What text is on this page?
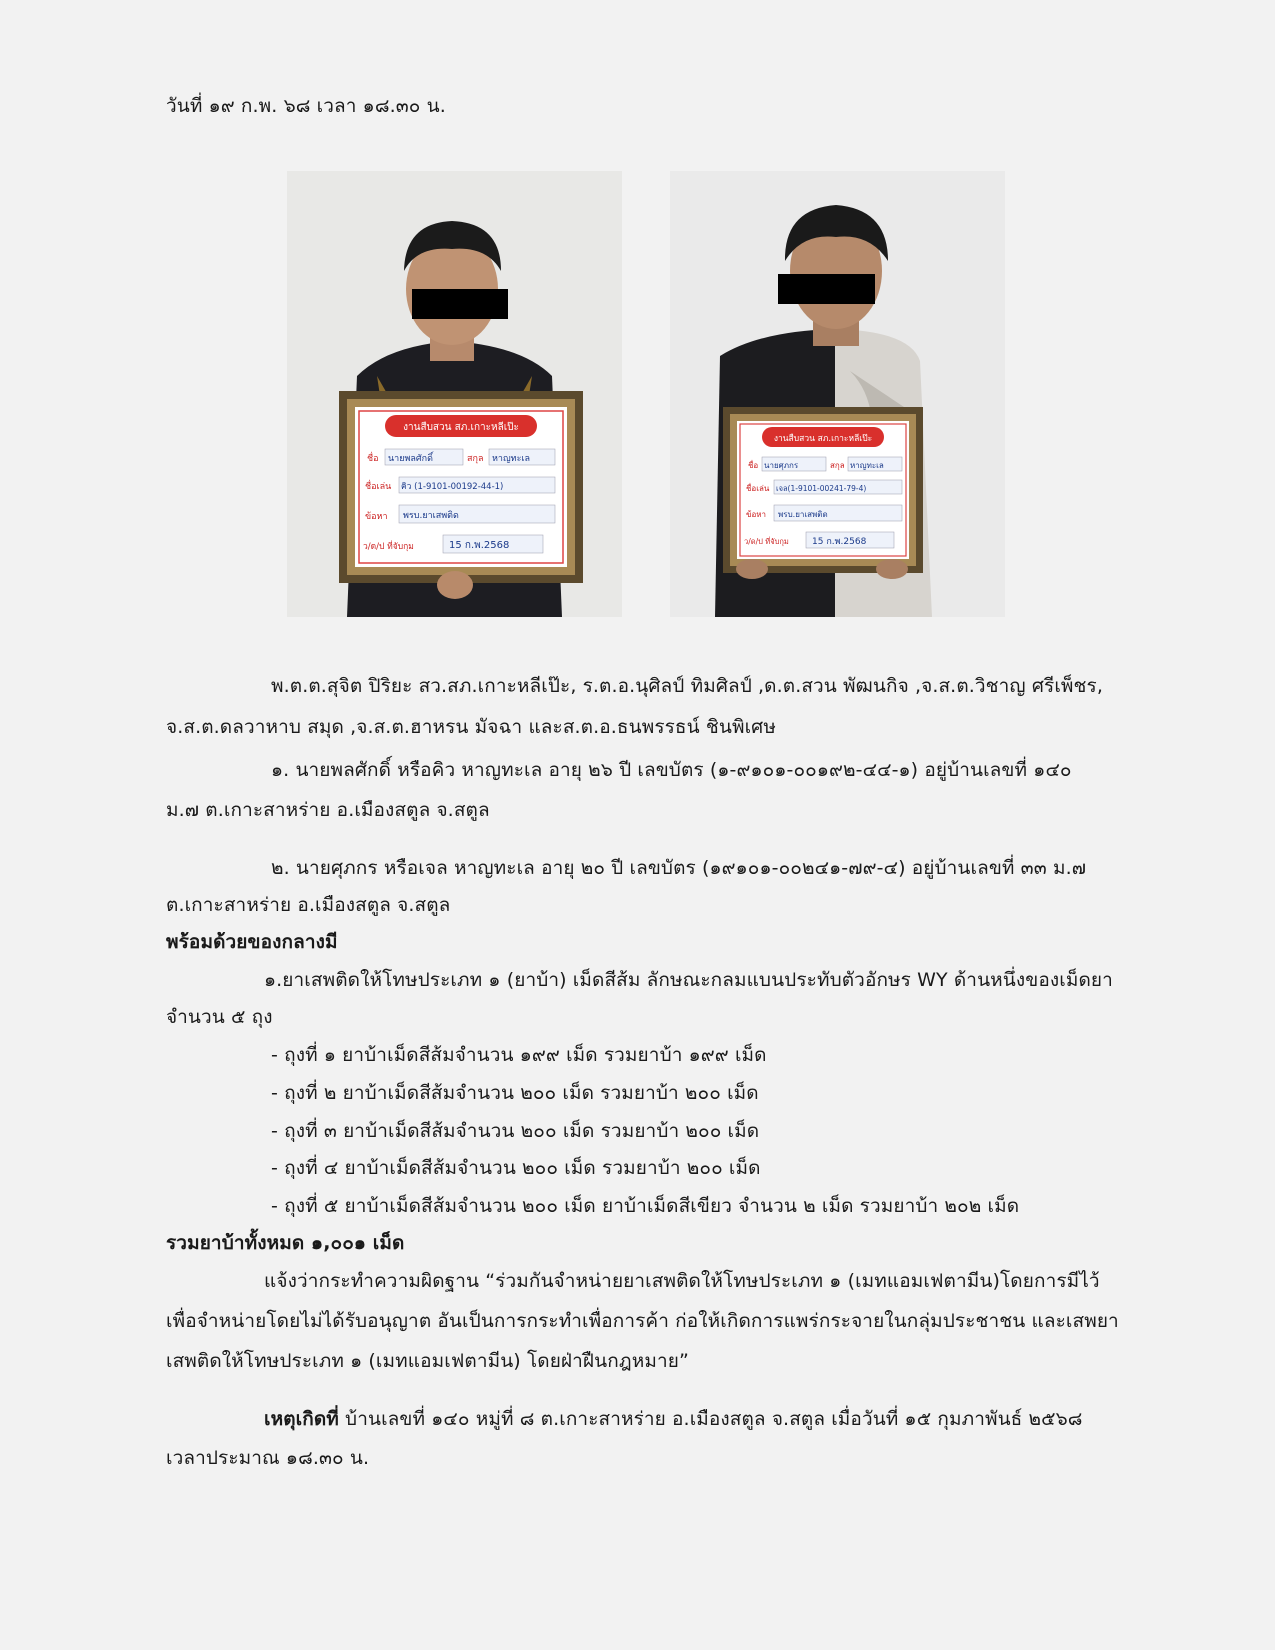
วันที่ ๑๙ ก.พ. ๖๘ เวลา ๑๘.๓๐ น.
งานสืบสวน สภ.เกาะหลีเป๊ะ
ชื่อ นายพลศักดิ์	สกุล หาญทะเล
ชื่อเล่น คิว (1-9101-00192-44-1)
ข้อหา พรบ.ยาเสพติด
ว/ด/ป ที่จับกุม	15 ก.พ.2568
งานสืบสวน สภ.เกาะหลีเป๊ะ
ชื่อ นายศุภกร	สกุล หาญทะเล
ชื่อเล่น เจล(1-9101-00241-79-4)
ข้อหา พรบ.ยาเสพติด
ว/ด/ป ที่จับกุม	15 ก.พ.2568
พ.ต.ต.สุจิต ปิริยะ สว.สภ.เกาะหลีเป๊ะ, ร.ต.อ.นุศิลป์ ทิมศิลป์ ,ด.ต.สวน พัฒนกิจ ,จ.ส.ต.วิชาญ ศรีเพ็ชร,
จ.ส.ต.ดลวาหาบ สมุด ,จ.ส.ต.ฮาหรน มัจฉา และส.ต.อ.ธนพรรธน์ ชินพิเศษ
๑. นายพลศักดิ์ หรือคิว หาญทะเล อายุ ๒๖ ปี เลขบัตร (๑-๙๑๐๑-๐๐๑๙๒-๔๔-๑) อยู่บ้านเลขที่ ๑๔๐
ม.๗ ต.เกาะสาหร่าย อ.เมืองสตูล จ.สตูล
๒. นายศุภกร หรือเจล หาญทะเล อายุ ๒๐ ปี เลขบัตร (๑๙๑๐๑-๐๐๒๔๑-๗๙-๔) อยู่บ้านเลขที่ ๓๓ ม.๗
ต.เกาะสาหร่าย อ.เมืองสตูล จ.สตูล
พร้อมด้วยของกลางมี
๑.ยาเสพติดให้โทษประเภท ๑ (ยาบ้า) เม็ดสีส้ม ลักษณะกลมแบนประทับตัวอักษร WY ด้านหนึ่งของเม็ดยา
จำนวน ๕ ถุง
- ถุงที่ ๑ ยาบ้าเม็ดสีส้มจำนวน ๑๙๙ เม็ด รวมยาบ้า ๑๙๙ เม็ด
- ถุงที่ ๒ ยาบ้าเม็ดสีส้มจำนวน ๒๐๐ เม็ด รวมยาบ้า ๒๐๐ เม็ด
- ถุงที่ ๓ ยาบ้าเม็ดสีส้มจำนวน ๒๐๐ เม็ด รวมยาบ้า ๒๐๐ เม็ด
- ถุงที่ ๔ ยาบ้าเม็ดสีส้มจำนวน ๒๐๐ เม็ด รวมยาบ้า ๒๐๐ เม็ด
- ถุงที่ ๕ ยาบ้าเม็ดสีส้มจำนวน ๒๐๐ เม็ด ยาบ้าเม็ดสีเขียว จำนวน ๒ เม็ด รวมยาบ้า ๒๐๒ เม็ด
รวมยาบ้าทั้งหมด ๑,๐๐๑ เม็ด
แจ้งว่ากระทำความผิดฐาน “ร่วมกันจำหน่ายยาเสพติดให้โทษประเภท ๑ (เมทแอมเฟตามีน)โดยการมีไว้
เพื่อจำหน่ายโดยไม่ได้รับอนุญาต อันเป็นการกระทำเพื่อการค้า ก่อให้เกิดการแพร่กระจายในกลุ่มประชาชน และเสพยา
เสพติดให้โทษประเภท ๑ (เมทแอมเฟตามีน) โดยฝ่าฝืนกฎหมาย”
เหตุเกิดที่ บ้านเลขที่ ๑๔๐ หมู่ที่ ๘ ต.เกาะสาหร่าย อ.เมืองสตูล จ.สตูล เมื่อวันที่ ๑๕ กุมภาพันธ์ ๒๕๖๘
เวลาประมาณ ๑๘.๓๐ น.
